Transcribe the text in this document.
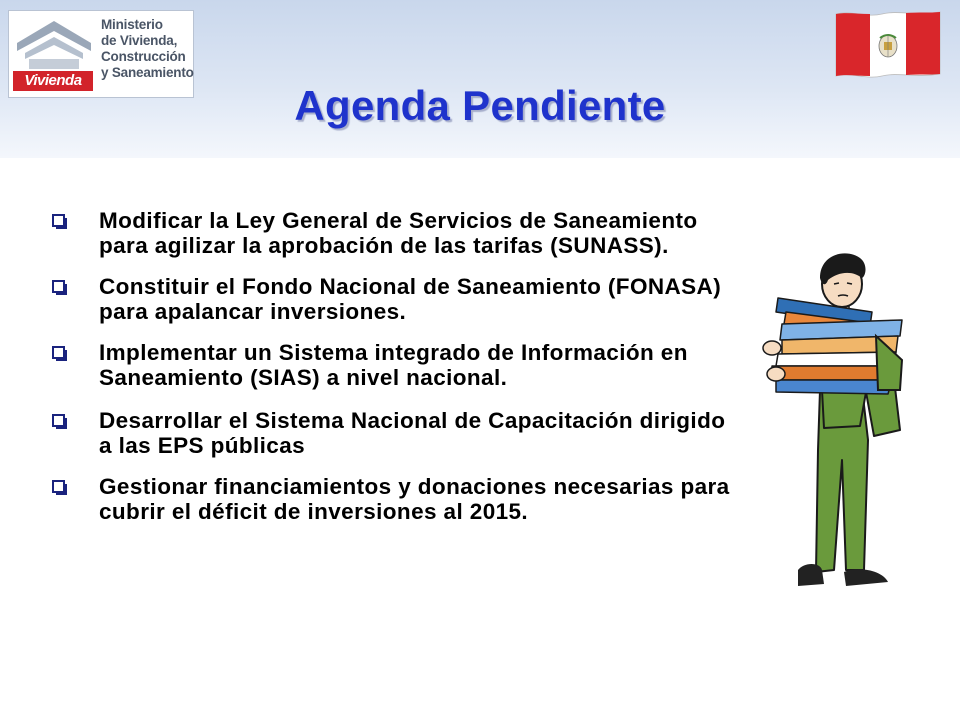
Vivienda
Ministerio
de Vivienda,
Construcción
y Saneamiento
Agenda Pendiente
Modificar la Ley General de Servicios de Saneamiento para agilizar la aprobación de las tarifas (SUNASS).
Constituir el Fondo Nacional de Saneamiento (FONASA) para apalancar inversiones.
Implementar un Sistema integrado de Información en Saneamiento (SIAS) a nivel nacional.
Desarrollar el Sistema Nacional de Capacitación dirigido a las EPS públicas
Gestionar financiamientos y donaciones necesarias para cubrir el déficit de inversiones al 2015.
